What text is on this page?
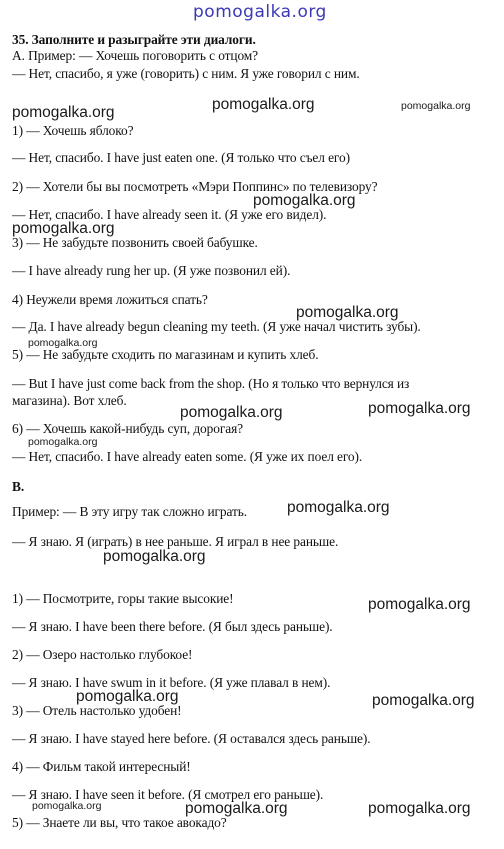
pomogalka.org
35. Заполните и разыграйте эти диалоги.
А. Пример: — Хочешь поговорить с отцом?
— Нет, спасибо, я уже (говорить) с ним. Я уже говорил с ним.
1) — Хочешь яблоко?
— Нет, спасибо. I have just eaten one. (Я только что съел его)
2) — Хотели бы вы посмотреть «Мэри Поппинс» по телевизору?
— Нет, спасибо. I have already seen it. (Я уже его видел).
3) — Не забудьте позвонить своей бабушке.
— I have already rung her up. (Я уже позвонил ей).
4) Неужели время ложиться спать?
— Да. I have already begun cleaning my teeth. (Я уже начал чистить зубы).
5) — Не забудьте сходить по магазинам и купить хлеб.
— But I have just come back from the shop. (Но я только что вернулся из
магазина). Вот хлеб.
6) — Хочешь какой-нибудь суп, дорогая?
— Нет, спасибо. I have already eaten some. (Я уже их поел его).
B.
Пример: — В эту игру так сложно играть.
— Я знаю. Я (играть) в нее раньше. Я играл в нее раньше.
1) — Посмотрите, горы такие высокие!
— Я знаю. I have been there before. (Я был здесь раньше).
2) — Озеро настолько глубокое!
— Я знаю. I have swum in it before. (Я уже плавал в нем).
3) — Отель настолько удобен!
— Я знаю. I have stayed here before. (Я оставался здесь раньше).
4) — Фильм такой интересный!
— Я знаю. I have seen it before. (Я смотрел его раньше).
5) — Знаете ли вы, что такое авокадо?
pomogalka.org	pomogalka.org	pomogalka.org
pomogalka.org
pomogalka.org
pomogalka.org
pomogalka.org
pomogalka.org	pomogalka.org
pomogalka.org
pomogalka.org
pomogalka.org
pomogalka.org
pomogalka.org	pomogalka.org
pomogalka.org	pomogalka.org	pomogalka.org
